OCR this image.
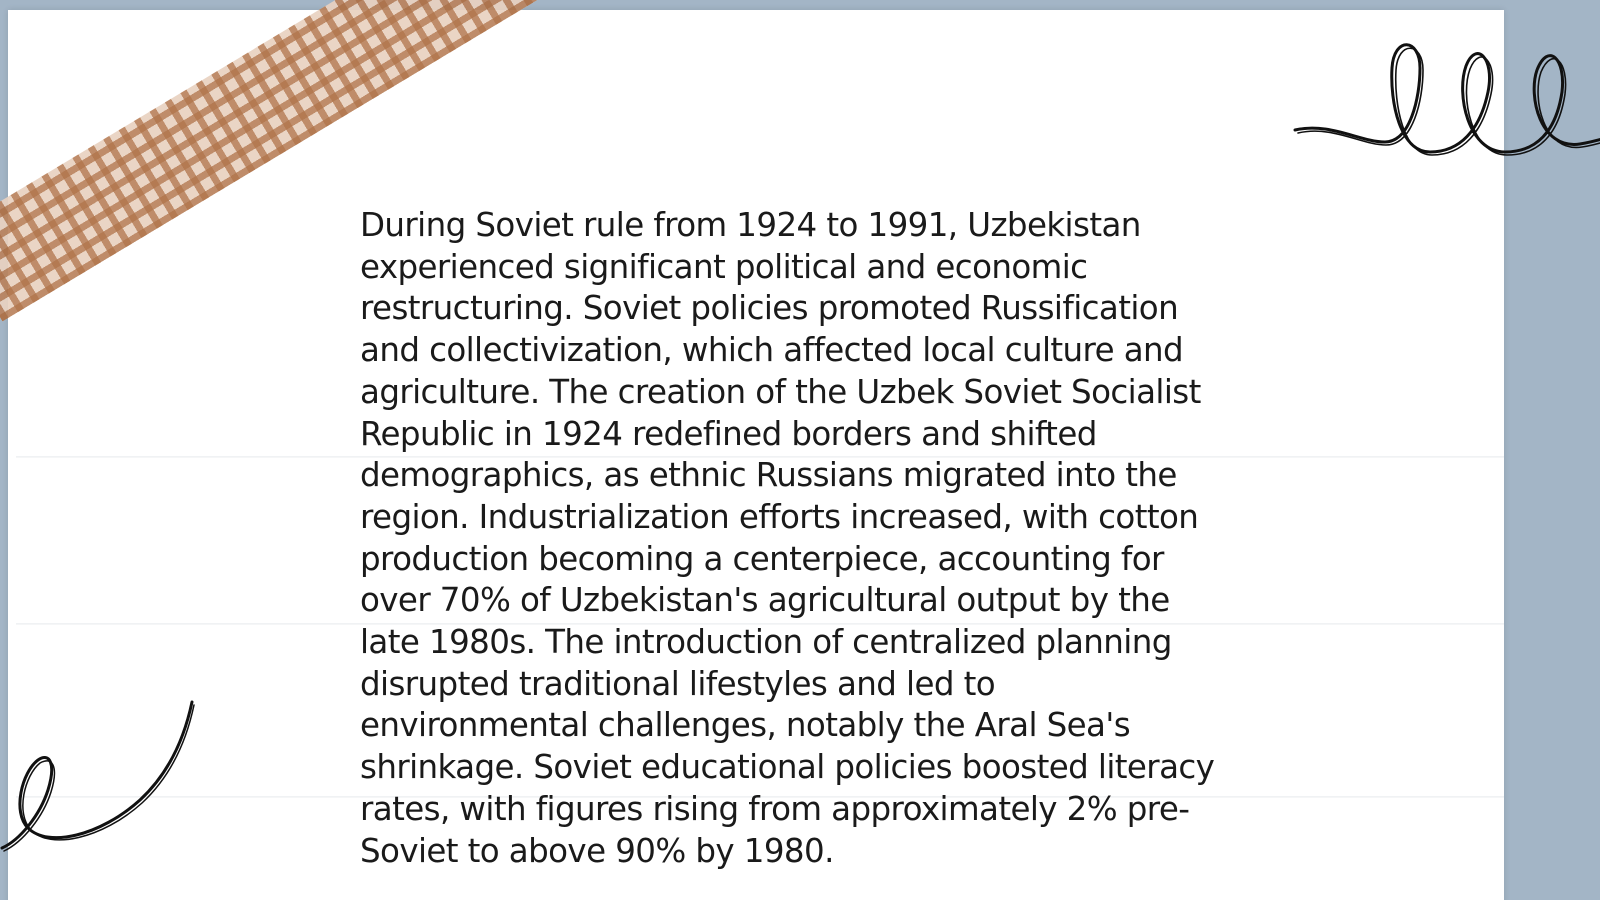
During Soviet rule from 1924 to 1991, Uzbekistan
experienced significant political and economic
restructuring. Soviet policies promoted Russification
and collectivization, which affected local culture and
agriculture. The creation of the Uzbek Soviet Socialist
Republic in 1924 redefined borders and shifted
demographics, as ethnic Russians migrated into the
region. Industrialization efforts increased, with cotton
production becoming a centerpiece, accounting for
over 70% of Uzbekistan's agricultural output by the
late 1980s. The introduction of centralized planning
disrupted traditional lifestyles and led to
environmental challenges, notably the Aral Sea's
shrinkage. Soviet educational policies boosted literacy
rates, with figures rising from approximately 2% pre-
Soviet to above 90% by 1980.
